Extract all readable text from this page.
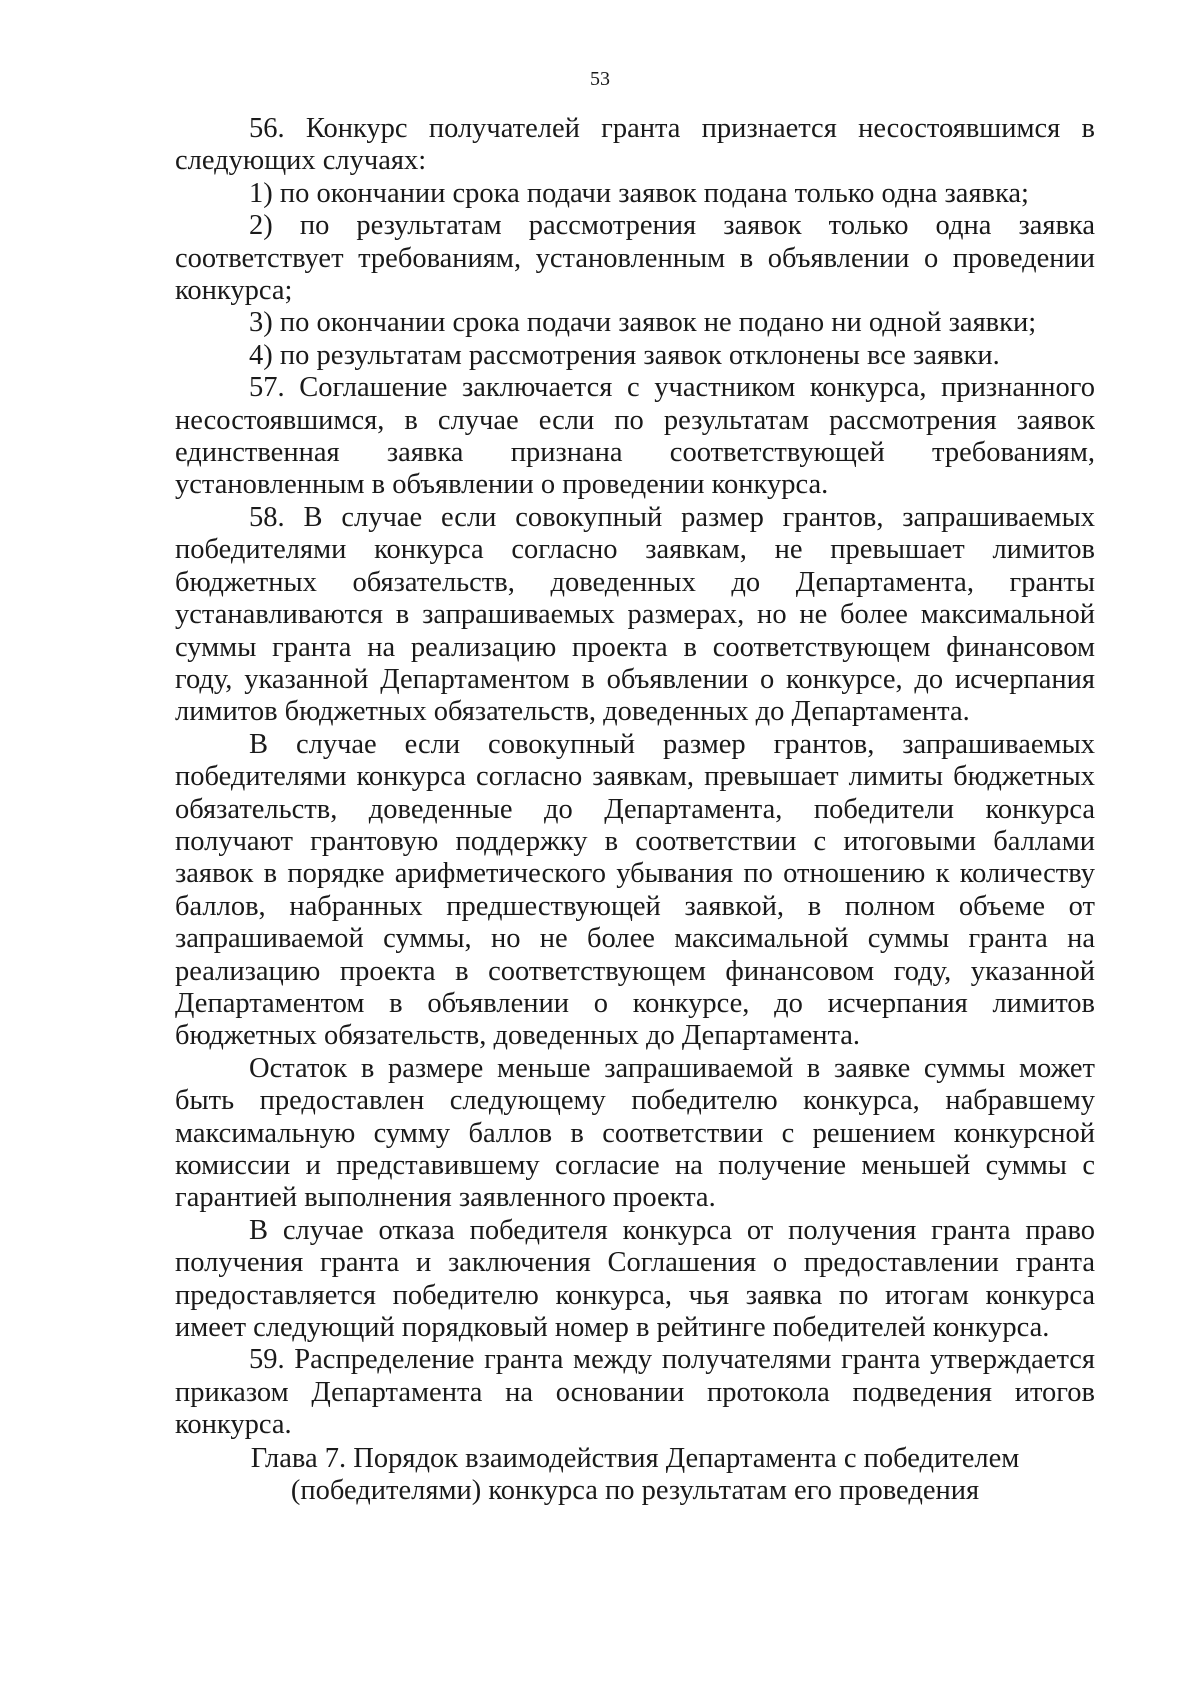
53

56. Конкурс получателей гранта признается несостоявшимся в следующих случаях:

1) по окончании срока подачи заявок подана только одна заявка;

2) по результатам рассмотрения заявок только одна заявка соответствует требованиям, установленным в объявлении о проведении конкурса;

3) по окончании срока подачи заявок не подано ни одной заявки;

4) по результатам рассмотрения заявок отклонены все заявки.

57. Соглашение заключается с участником конкурса, признанного несостоявшимся, в случае если по результатам рассмотрения заявок единственная заявка признана соответствующей требованиям, установленным в объявлении о проведении конкурса.

58. В случае если совокупный размер грантов, запрашиваемых победителями конкурса согласно заявкам, не превышает лимитов бюджетных обязательств, доведенных до Департамента, гранты устанавливаются в запрашиваемых размерах, но не более максимальной суммы гранта на реализацию проекта в соответствующем финансовом году, указанной Департаментом в объявлении о конкурсе, до исчерпания лимитов бюджетных обязательств, доведенных до Департамента.

В случае если совокупный размер грантов, запрашиваемых победителями конкурса согласно заявкам, превышает лимиты бюджетных обязательств, доведенные до Департамента, победители конкурса получают грантовую поддержку в соответствии с итоговыми баллами заявок в порядке арифметического убывания по отношению к количеству баллов, набранных предшествующей заявкой, в полном объеме от запрашиваемой суммы, но не более максимальной суммы гранта на реализацию проекта в соответствующем финансовом году, указанной Департаментом в объявлении о конкурсе, до исчерпания лимитов бюджетных обязательств, доведенных до Департамента.

Остаток в размере меньше запрашиваемой в заявке суммы может быть предоставлен следующему победителю конкурса, набравшему максимальную сумму баллов в соответствии с решением конкурсной комиссии и представившему согласие на получение меньшей суммы с гарантией выполнения заявленного проекта.

В случае отказа победителя конкурса от получения гранта право получения гранта и заключения Соглашения о предоставлении гранта предоставляется победителю конкурса, чья заявка по итогам конкурса имеет следующий порядковый номер в рейтинге победителей конкурса.

59. Распределение гранта между получателями гранта утверждается приказом Департамента на основании протокола подведения итогов конкурса.

Глава 7. Порядок взаимодействия Департамента с победителем

(победителями) конкурса по результатам его проведения
